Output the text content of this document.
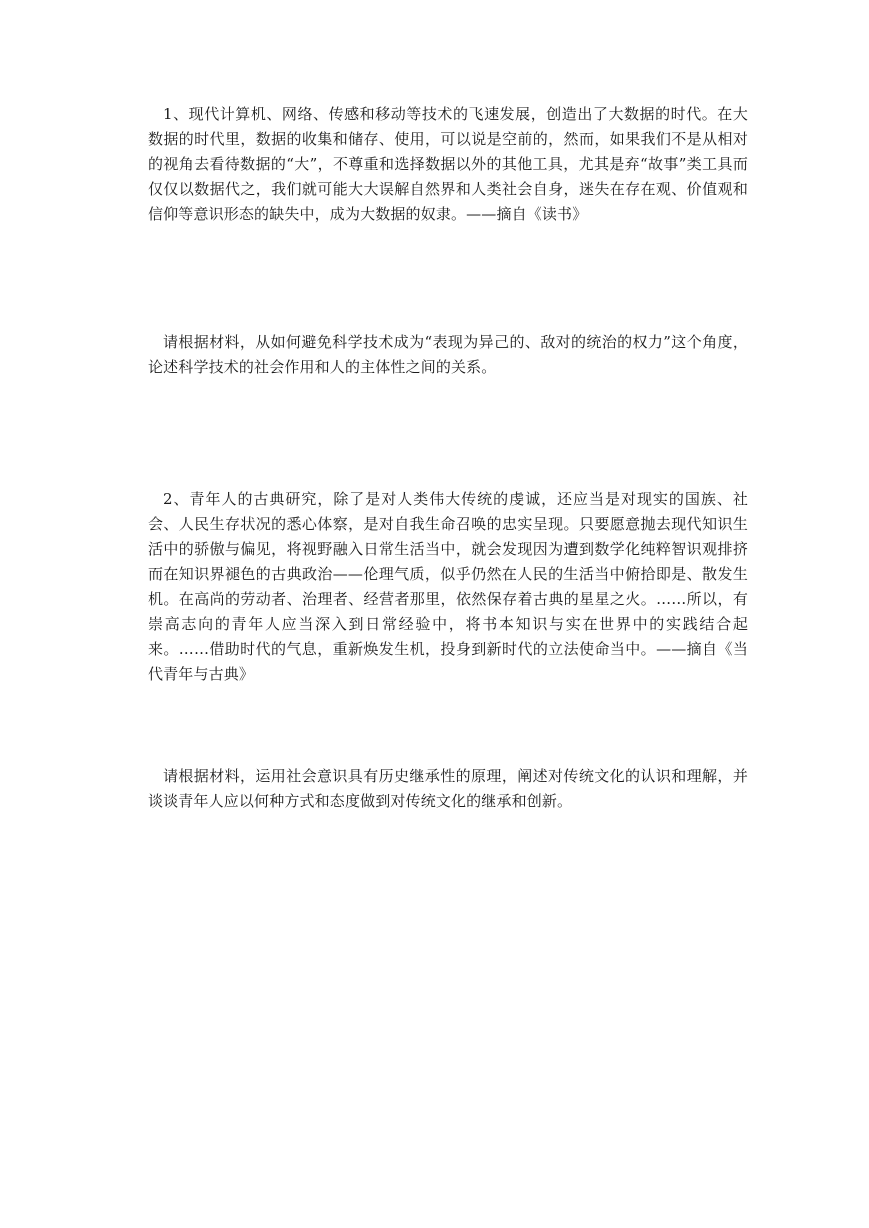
1、现代计算机、网络、传感和移动等技术的飞速发展，创造出了大数据的时代。在大数据的时代里，数据的收集和储存、使用，可以说是空前的，然而，如果我们不是从相对的视角去看待数据的“大”，不尊重和选择数据以外的其他工具，尤其是弃“故事”类工具而仅仅以数据代之，我们就可能大大误解自然界和人类社会自身，迷失在存在观、价值观和信仰等意识形态的缺失中，成为大数据的奴隶。——摘自《读书》

请根据材料，从如何避免科学技术成为“表现为异己的、敌对的统治的权力”这个角度，论述科学技术的社会作用和人的主体性之间的关系。

2、青年人的古典研究，除了是对人类伟大传统的虔诚，还应当是对现实的国族、社会、人民生存状况的悉心体察，是对自我生命召唤的忠实呈现。只要愿意抛去现代知识生活中的骄傲与偏见，将视野融入日常生活当中，就会发现因为遭到数学化纯粹智识观排挤而在知识界褪色的古典政治——伦理气质，似乎仍然在人民的生活当中俯拾即是、散发生机。在高尚的劳动者、治理者、经营者那里，依然保存着古典的星星之火。……所以，有崇高志向的青年人应当深入到日常经验中，将书本知识与实在世界中的实践结合起来。……借助时代的气息，重新焕发生机，投身到新时代的立法使命当中。——摘自《当代青年与古典》

请根据材料，运用社会意识具有历史继承性的原理，阐述对传统文化的认识和理解，并谈谈青年人应以何种方式和态度做到对传统文化的继承和创新。
